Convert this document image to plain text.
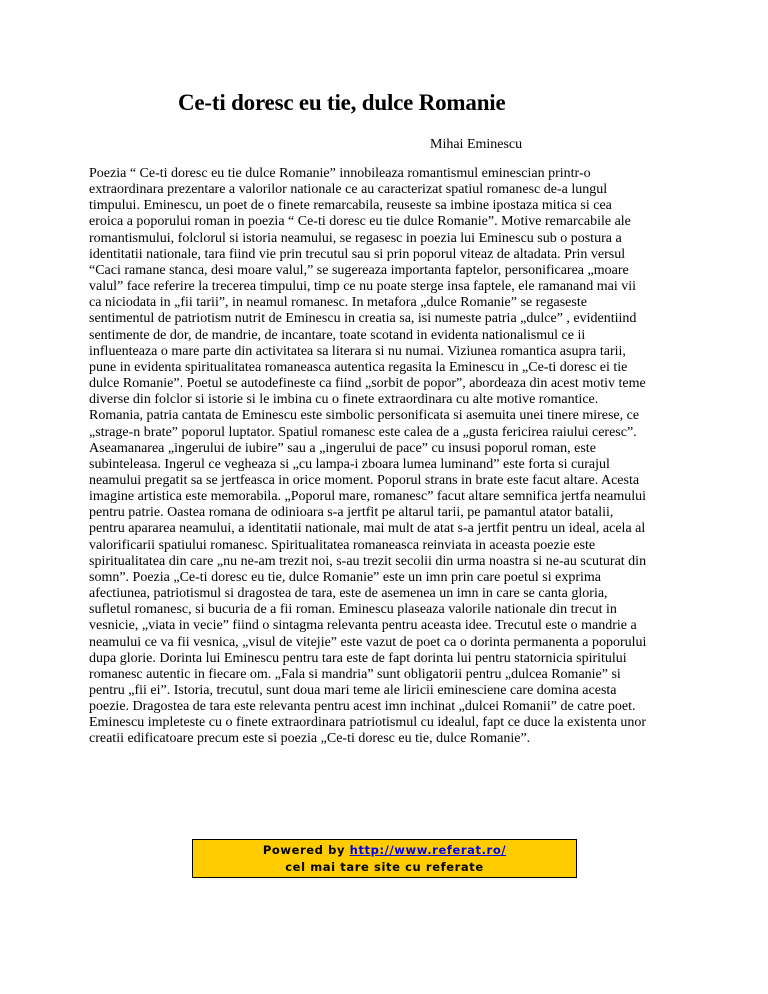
Ce-ti doresc eu tie, dulce Romanie
Mihai Eminescu
Poezia “ Ce-ti doresc eu tie dulce Romanie” innobileaza romantismul eminescian printr-o
extraordinara prezentare a valorilor nationale ce au caracterizat spatiul romanesc de-a lungul
timpului. Eminescu, un poet de o finete remarcabila, reuseste sa imbine ipostaza mitica si cea
eroica a poporului roman in poezia “ Ce-ti doresc eu tie dulce Romanie”. Motive remarcabile ale
romantismului, folclorul si istoria neamului, se regasesc in poezia lui Eminescu sub o postura a
identitatii nationale, tara fiind vie prin trecutul sau si prin poporul viteaz de altadata. Prin versul
“Caci ramane stanca, desi moare valul,” se sugereaza importanta faptelor, personificarea „moare
valul” face referire la trecerea timpului, timp ce nu poate sterge insa faptele, ele ramanand mai vii
ca niciodata in „fii tarii”, in neamul romanesc. In metafora „dulce Romanie” se regaseste
sentimentul de patriotism nutrit de Eminescu in creatia sa, isi numeste patria „dulce” , evidentiind
sentimente de dor, de mandrie, de incantare, toate scotand in evidenta nationalismul ce ii
influenteaza o mare parte din activitatea sa literara si nu numai. Viziunea romantica asupra tarii,
pune in evidenta spiritualitatea romaneasca autentica regasita la Eminescu in „Ce-ti doresc ei tie
dulce Romanie”. Poetul se autodefineste ca fiind „sorbit de popor”, abordeaza din acest motiv teme
diverse din folclor si istorie si le imbina cu o finete extraordinara cu alte motive romantice.
Romania, patria cantata de Eminescu este simbolic personificata si asemuita unei tinere mirese, ce
„strage-n brate” poporul luptator. Spatiul romanesc este calea de a „gusta fericirea raiului ceresc”.
Aseamanarea „ingerului de iubire” sau a „ingerului de pace” cu insusi poporul roman, este
subinteleasa. Ingerul ce vegheaza si „cu lampa-i zboara lumea luminand” este forta si curajul
neamului pregatit sa se jertfeasca in orice moment. Poporul strans in brate este facut altare. Acesta
imagine artistica este memorabila. „Poporul mare, romanesc” facut altare semnifica jertfa neamului
pentru patrie. Oastea romana de odinioara s-a jertfit pe altarul tarii, pe pamantul atator batalii,
pentru apararea neamului, a identitatii nationale, mai mult de atat s-a jertfit pentru un ideal, acela al
valorificarii spatiului romanesc. Spiritualitatea romaneasca reinviata in aceasta poezie este
spiritualitatea din care „nu ne-am trezit noi, s-au trezit secolii din urma noastra si ne-au scuturat din
somn”. Poezia „Ce-ti doresc eu tie, dulce Romanie” este un imn prin care poetul si exprima
afectiunea, patriotismul si dragostea de tara, este de asemenea un imn in care se canta gloria,
sufletul romanesc, si bucuria de a fii roman. Eminescu plaseaza valorile nationale din trecut in
vesnicie, „viata in vecie” fiind o sintagma relevanta pentru aceasta idee. Trecutul este o mandrie a
neamului ce va fii vesnica, „visul de vitejie” este vazut de poet ca o dorinta permanenta a poporului
dupa glorie. Dorinta lui Eminescu pentru tara este de fapt dorinta lui pentru statornicia spiritului
romanesc autentic in fiecare om. „Fala si mandria” sunt obligatorii pentru „dulcea Romanie” si
pentru „fii ei”. Istoria, trecutul, sunt doua mari teme ale liricii eminesciene care domina acesta
poezie. Dragostea de tara este relevanta pentru acest imn inchinat „dulcei Romanii” de catre poet.
Eminescu impleteste cu o finete extraordinara patriotismul cu idealul, fapt ce duce la existenta unor
creatii edificatoare precum este si poezia „Ce-ti doresc eu tie, dulce Romanie”.
Powered by http://www.referat.ro/
cel mai tare site cu referate
